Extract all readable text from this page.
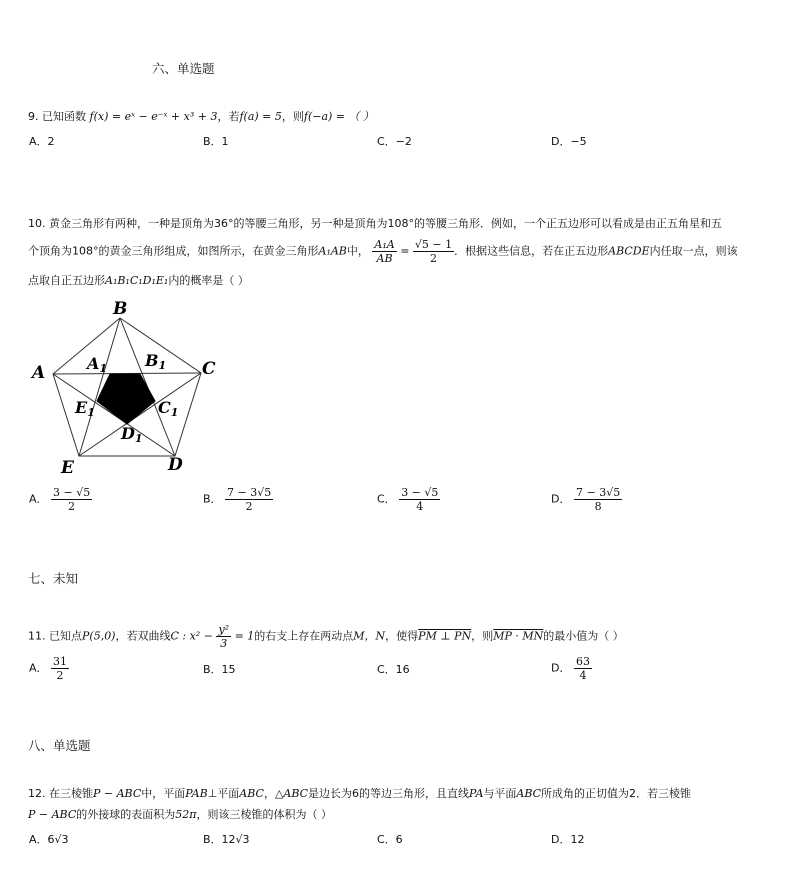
六、单选题
9. 已知函数 f(x) = eˣ − e⁻ˣ + x³ + 3，若f(a) = 5，则f(−a) = （ ）
A．2	B．1	C．−2	D．−5
10. 黄金三角形有两种，一种是顶角为36°的等腰三角形，另一种是顶角为108°的等腰三角形．例如，一个正五边形可以看成是由正五角星和五
个顶角为108°的黄金三角形组成，如图所示，在黄金三角形A₁AB中， $\frac{\text{A₁A}}{AB} = \frac{√5 - 1}{2}$ ．根据这些信息，若在正五边形ABCDE内任取一点，则该
点取自正五边形A₁B₁C₁D₁E₁内的概率是（ ）
B
A	C
D
E
A1 B1
C1
D1
E1
A． $\frac{3 - √5}{2}$	B． $\frac{7 - 3√5}{2}$	C． $\frac{3 - √5}{4}$	D． $\frac{7 - 3√5}{8}$
七、未知
11. 已知点P(5,0)，若双曲线C : $x^2 - \frac{\text{y²}}{3} = 1$的右支上存在两动点M，N，使得PM ⊥ PN，则MP · MN的最小值为（ ）
A． $\frac{31}{2}$	B．15	C．16	D． $\frac{63}{4}$
八、单选题
12. 在三棱锥P − ABC中，平面PAB⊥平面ABC，△ABC是边长为6的等边三角形，且直线PA与平面ABC所成角的正切值为2．若三棱锥
P − ABC的外接球的表面积为52π，则该三棱锥的体积为（ ）
A．6√3	B．12√3	C．6	D．12
